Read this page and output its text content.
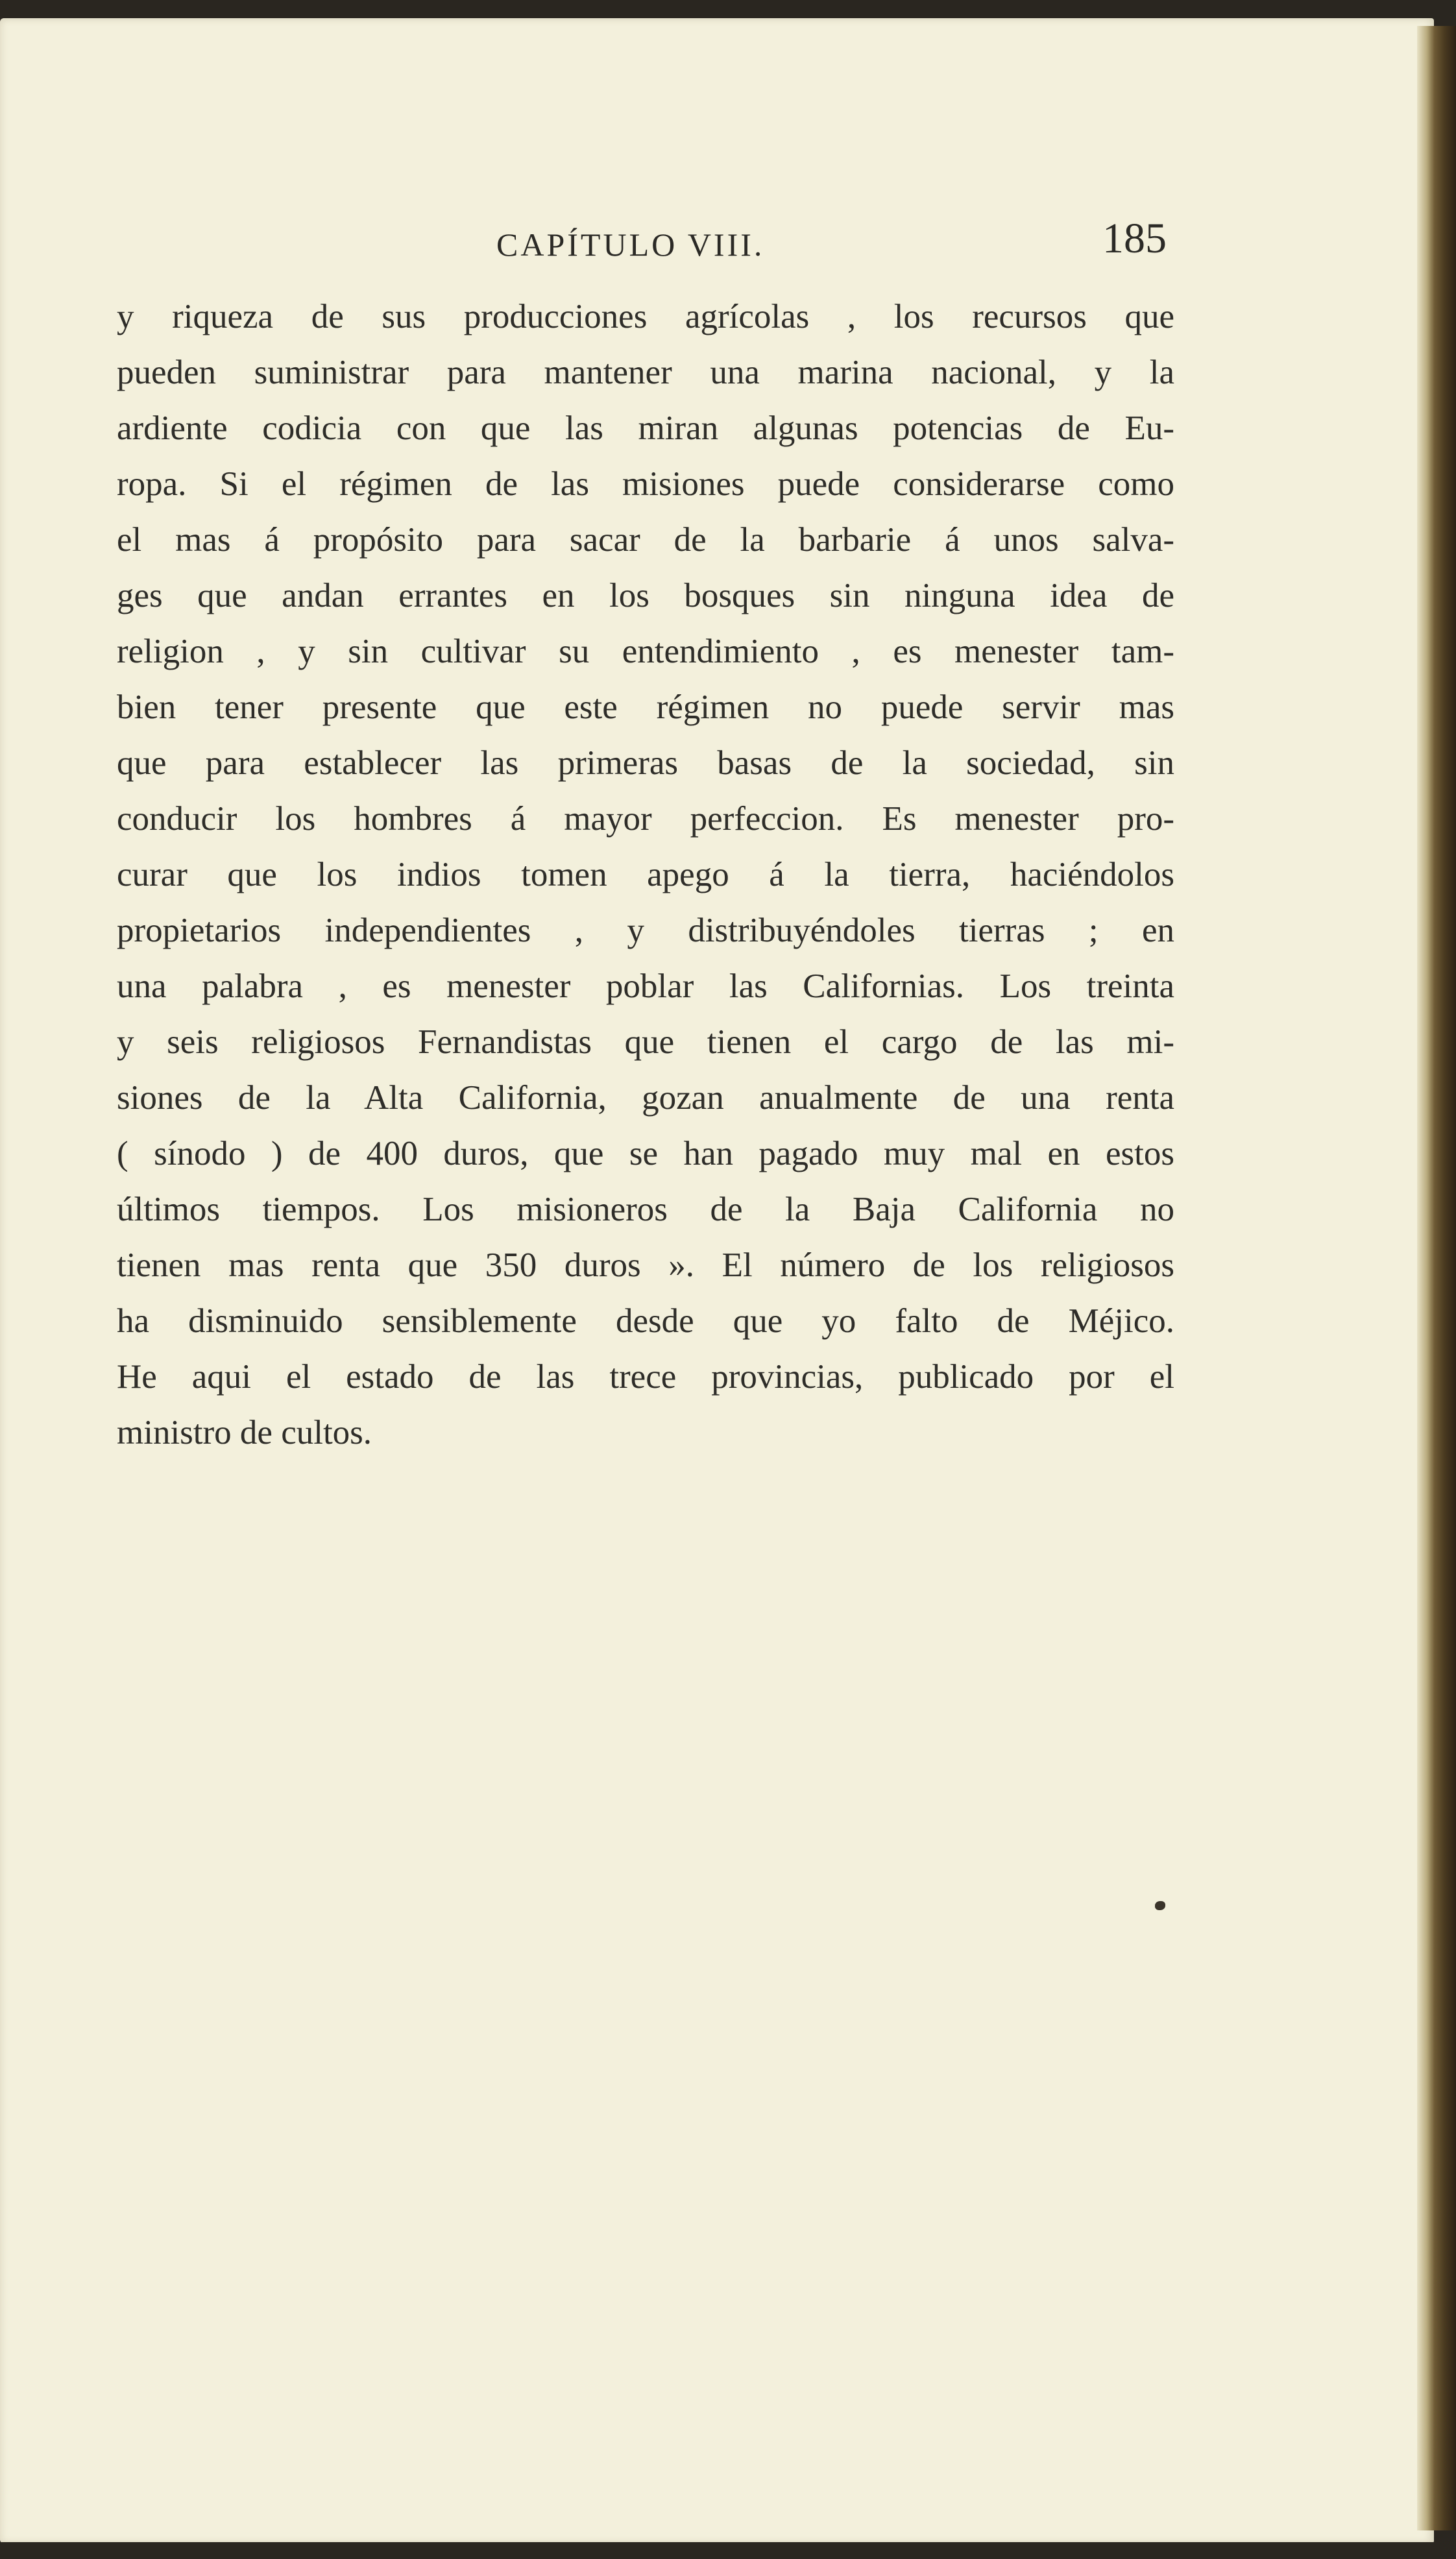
CAPÍTULO VIII.	185
y riqueza de sus producciones agrícolas , los recursos que
pueden suministrar para mantener una marina nacional, y la
ardiente codicia con que las miran algunas potencias de Eu-
ropa. Si el régimen de las misiones puede considerarse como
el mas á propósito para sacar de la barbarie á unos salva-
ges que andan errantes en los bosques sin ninguna idea de
religion , y sin cultivar su entendimiento , es menester tam-
bien tener presente que este régimen no puede servir mas
que para establecer las primeras basas de la sociedad, sin
conducir los hombres á mayor perfeccion. Es menester pro-
curar que los indios tomen apego á la tierra, haciéndolos
propietarios independientes , y distribuyéndoles tierras ; en
una palabra , es menester poblar las Californias. Los treinta
y seis religiosos Fernandistas que tienen el cargo de las mi-
siones de la Alta California, gozan anualmente de una renta
( sínodo ) de 400 duros, que se han pagado muy mal en estos
últimos tiempos. Los misioneros de la Baja California no
tienen mas renta que 350 duros ». El número de los religiosos
ha disminuido sensiblemente desde que yo falto de Méjico.
He aqui el estado de las trece provincias, publicado por el
ministro de cultos.
